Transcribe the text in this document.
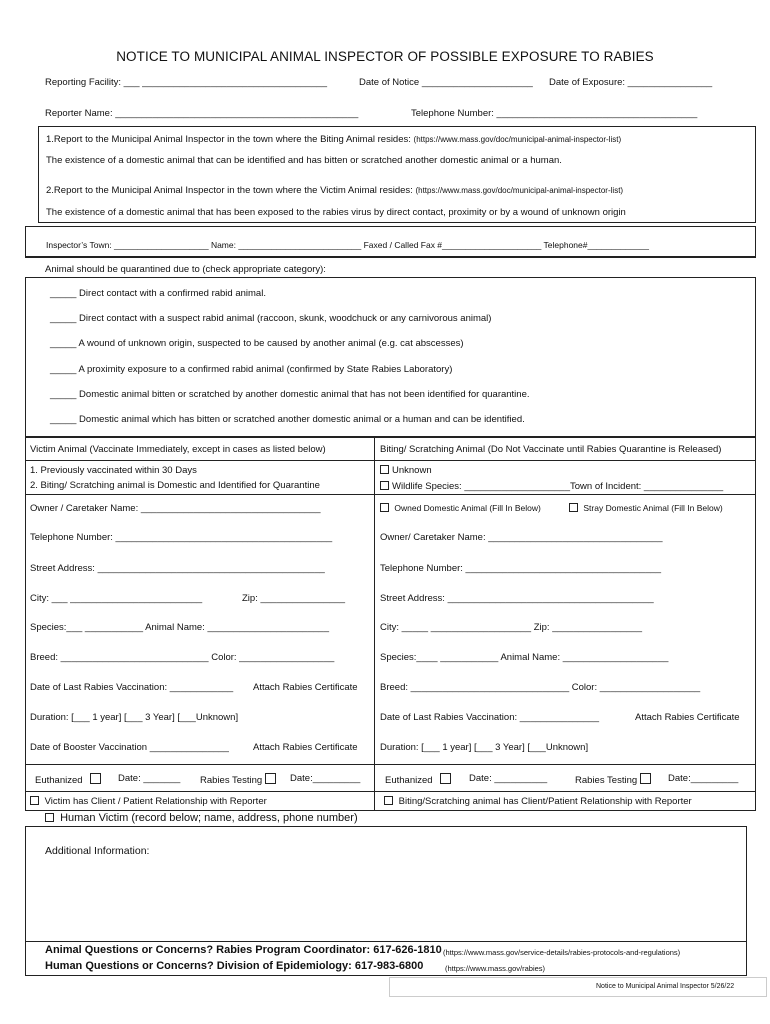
NOTICE TO MUNICIPAL ANIMAL INSPECTOR OF POSSIBLE EXPOSURE TO RABIES
Reporting Facility: ___ ___________________________________	Date of Notice _____________________ Date of Exposure: ________________
Reporter Name: ______________________________________________	Telephone Number: ______________________________________
1.Report to the Municipal Animal Inspector in the town where the Biting Animal resides: (https://www.mass.gov/doc/municipal-animal-inspector-list)
The existence of a domestic animal that can be identified and has bitten or scratched another domestic animal or a human.
2.Report to the Municipal Animal Inspector in the town where the Victim Animal resides: (https://www.mass.gov/doc/municipal-animal-inspector-list)
The existence of a domestic animal that has been exposed to the rabies virus by direct contact, proximity or by a wound of unknown origin
Inspector’s Town: ____________________ Name: __________________________ Faxed / Called Fax #_____________________ Telephone#_____________
Animal should be quarantined due to (check appropriate category):
_____ Direct contact with a confirmed rabid animal.
_____ Direct contact with a suspect rabid animal (raccoon, skunk, woodchuck or any carnivorous animal)
_____ A wound of unknown origin, suspected to be caused by another animal (e.g. cat abscesses)
_____ A proximity exposure to a confirmed rabid animal (confirmed by State Rabies Laboratory)
_____ Domestic animal bitten or scratched by another domestic animal that has not been identified for quarantine.
_____ Domestic animal which has bitten or scratched another domestic animal or a human and can be identified.
Victim Animal (Vaccinate Immediately, except in cases as listed below)
1. Previously vaccinated within 30 Days
2. Biting/ Scratching animal is Domestic and Identified for Quarantine
Owner / Caretaker Name: __________________________________
Telephone Number: _________________________________________
Street Address: ___________________________________________
City: ___ _________________________	Zip: ________________
Species:___ ___________ Animal Name: _______________________
Breed: ____________________________ Color: __________________
Date of Last Rabies Vaccination: ____________ Attach Rabies Certificate
Duration: [___ 1 year] [___ 3 Year] [___Unknown]
Date of Booster Vaccination _______________	Attach Rabies Certificate
Euthanized	Date: _______ Rabies Testing	Date:_________
Victim has Client / Patient Relationship with Reporter
Biting/ Scratching Animal (Do Not Vaccinate until Rabies Quarantine is Released)
Unknown
Wildlife Species: ____________________Town of Incident: _______________
Owned Domestic Animal (Fill In Below)	Stray Domestic Animal (Fill In Below)
Owner/ Caretaker Name: _________________________________
Telephone Number: _____________________________________
Street Address: _______________________________________
City: _____ ___________________ Zip: _________________
Species:____ ___________ Animal Name: ____________________
Breed: ______________________________ Color: ___________________
Date of Last Rabies Vaccination: _______________	Attach Rabies Certificate
Duration: [___ 1 year] [___ 3 Year] [___Unknown]
Euthanized	Date: __________	Rabies Testing	Date:_________
Biting/Scratching animal has Client/Patient Relationship with Reporter
Human Victim (record below; name, address, phone number)
Additional Information:
Animal Questions or Concerns? Rabies Program Coordinator: 617-626-1810 (https://www.mass.gov/service-details/rabies-protocols-and-regulations)
Human Questions or Concerns? Division of Epidemiology: 617-983-6800	(https://www.mass.gov/rabies)
Notice to Municipal Animal Inspector 5/26/22
